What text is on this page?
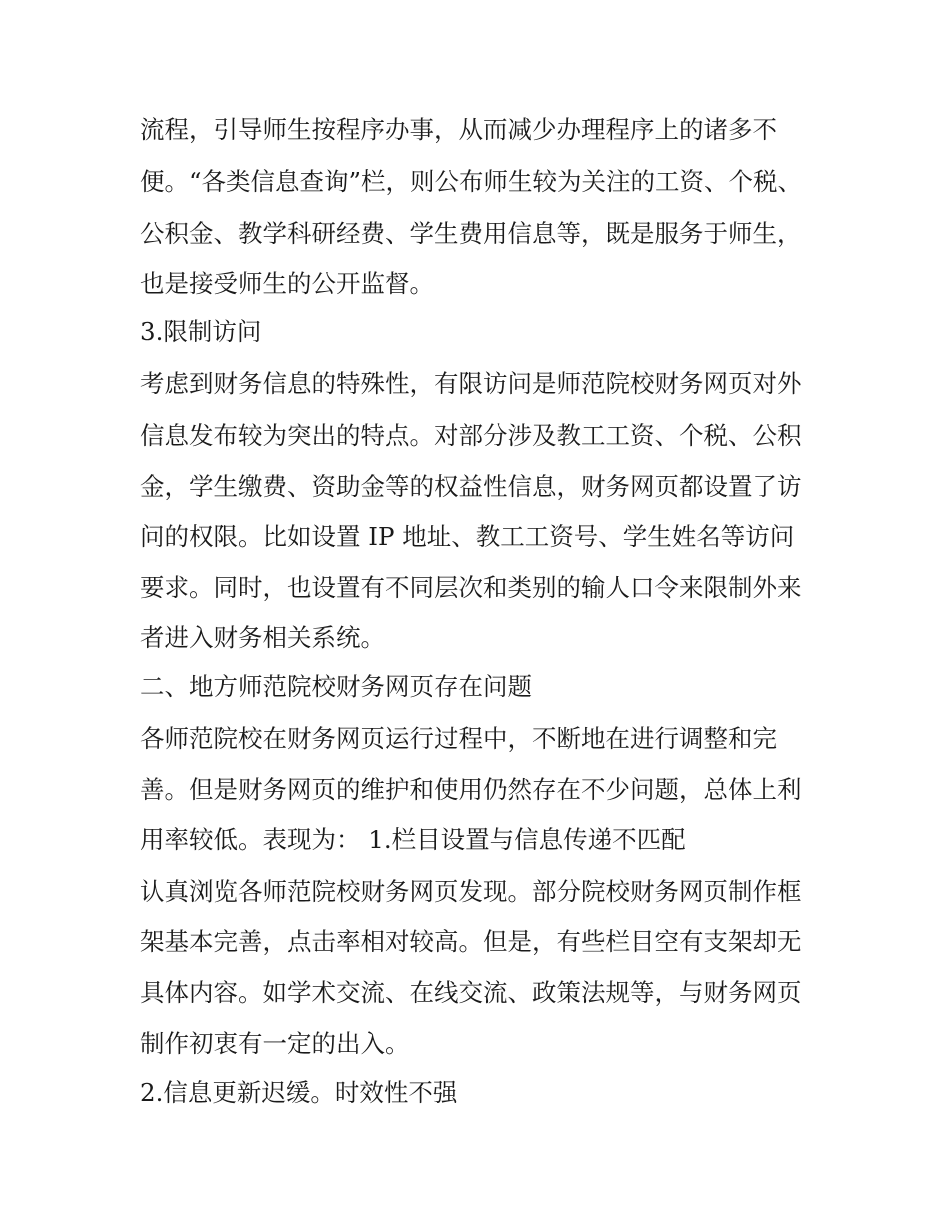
流程，引导师生按程序办事，从而减少办理程序上的诸多不
便。“各类信息查询”栏，则公布师生较为关注的工资、个税、
公积金、教学科研经费、学生费用信息等，既是服务于师生，
也是接受师生的公开监督。
3.限制访问
考虑到财务信息的特殊性，有限访问是师范院校财务网页对外
信息发布较为突出的特点。对部分涉及教工工资、个税、公积
金，学生缴费、资助金等的权益性信息，财务网页都设置了访
问的权限。比如设置 IP 地址、教工工资号、学生姓名等访问
要求。同时，也设置有不同层次和类别的输人口令来限制外来
者进入财务相关系统。
二、地方师范院校财务网页存在问题
各师范院校在财务网页运行过程中，不断地在进行调整和完
善。但是财务网页的维护和使用仍然存在不少问题，总体上利
用率较低。表现为： 1.栏目设置与信息传递不匹配
认真浏览各师范院校财务网页发现。部分院校财务网页制作框
架基本完善，点击率相对较高。但是，有些栏目空有支架却无
具体内容。如学术交流、在线交流、政策法规等，与财务网页
制作初衷有一定的出入。
2.信息更新迟缓。时效性不强
